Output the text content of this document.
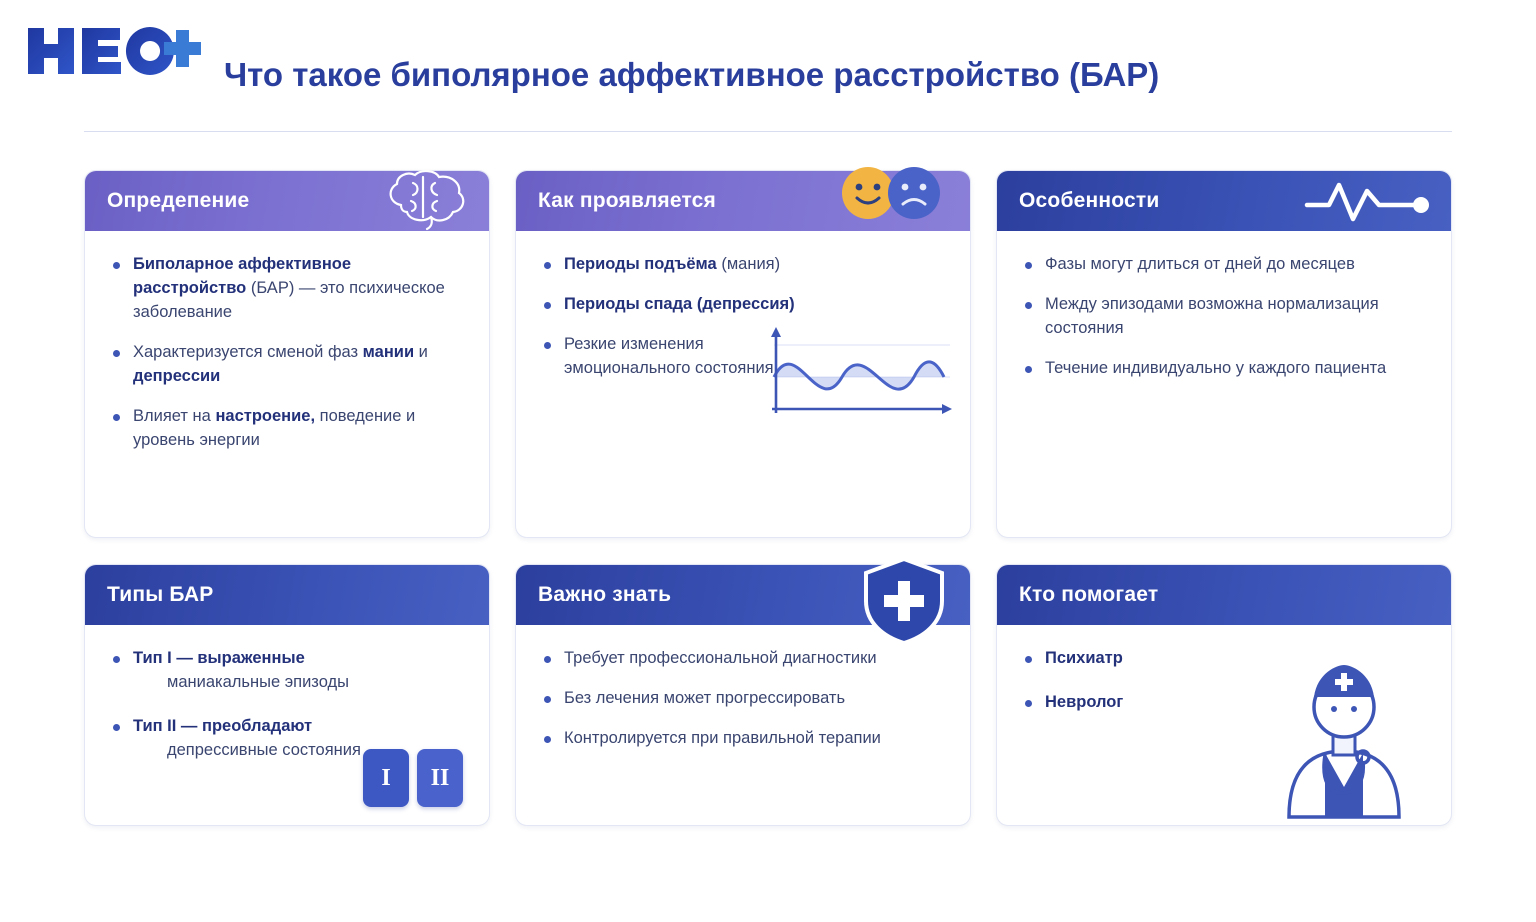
Что такое биполярное аффективное расстройство (БАР)
Опредепение
Биполарное аффективное расстройство (БАР) — это психическое заболевание
Характеризуется сменой фаз мании и депрессии
Влияет на настроение, поведение и уровень энергии
Как проявляется
Периоды подъёма (мания)
Периоды спада (депрессия)
Резкие изменения эмоционального состояния
Особенности
Фазы могут длиться от дней до месяцев
Между эпизодами возможна нормализация состояния
Течение индивидуально у каждого пациента
Типы БАР
Тип I — выраженные
маниакальные эпизоды
Тип II — преобладают
депрессивные состояния
I	II
Важно знать
Требует профессиональной диагностики
Без лечения может прогрессировать
Контролируется при правильной терапии
Кто помогает
Психиатр
Невролог
